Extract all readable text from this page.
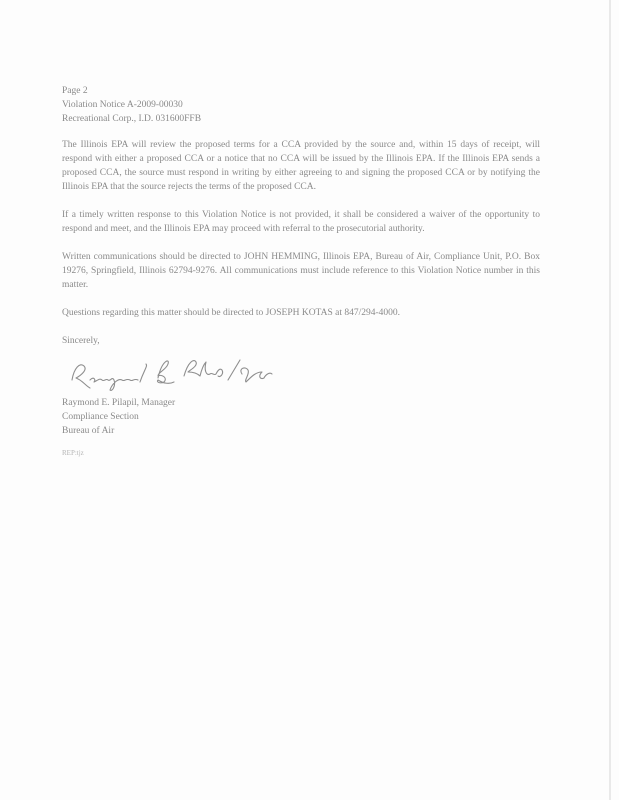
Page 2

Violation Notice A-2009-00030

Recreational Corp., I.D. 031600FFB

The Illinois EPA will review the proposed terms for a CCA provided by the source and, within 15 days of receipt, will respond with either a proposed CCA or a notice that no CCA will be issued by the Illinois EPA. If the Illinois EPA sends a proposed CCA, the source must respond in writing by either agreeing to and signing the proposed CCA or by notifying the Illinois EPA that the source rejects the terms of the proposed CCA.

If a timely written response to this Violation Notice is not provided, it shall be considered a waiver of the opportunity to respond and meet, and the Illinois EPA may proceed with referral to the prosecutorial authority.

Written communications should be directed to JOHN HEMMING, Illinois EPA, Bureau of Air, Compliance Unit, P.O. Box 19276, Springfield, Illinois 62794-9276. All communications must include reference to this Violation Notice number in this matter.

Questions regarding this matter should be directed to JOSEPH KOTAS at 847/294-4000.

Sincerely,

Raymond E. Pilapil, Manager

Compliance Section

Bureau of Air

REP:tjz
